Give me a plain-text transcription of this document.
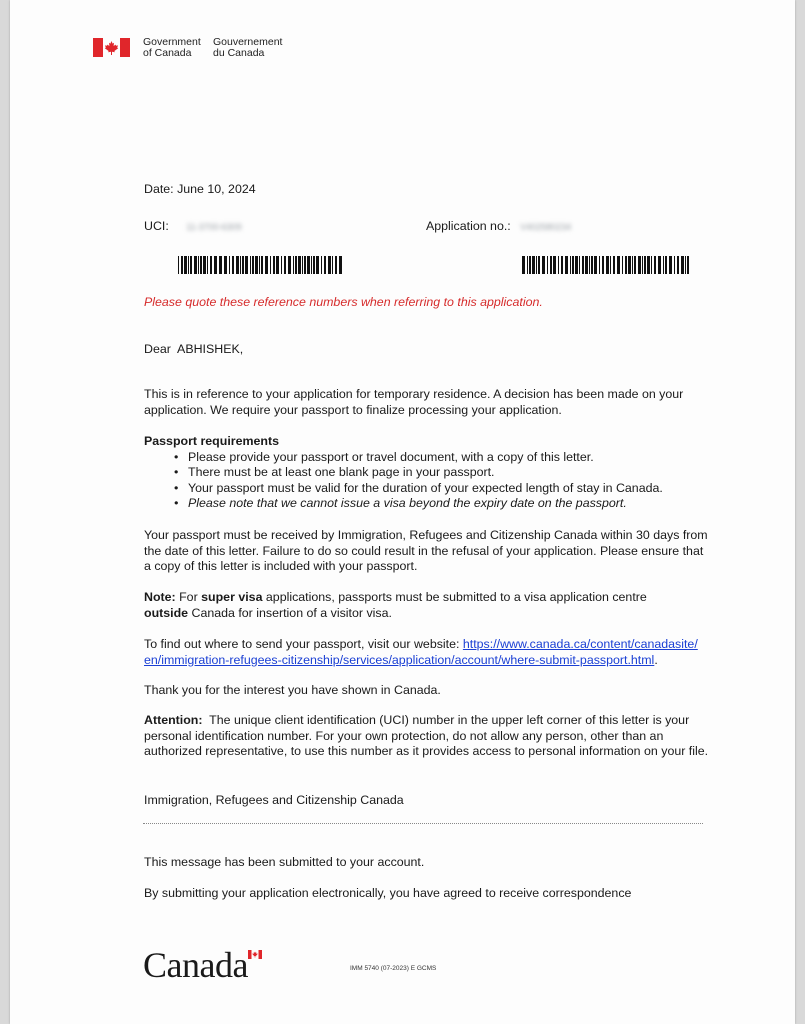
Government
of Canada
Gouvernement
du Canada
Date: June 10, 2024
UCI: 11-3700-6309	Application no.: V402580234
Please quote these reference numbers when referring to this application.
Dear  ABHISHEK,
This is in reference to your application for temporary residence. A decision has been made on your application. We require your passport to finalize processing your application.
Passport requirements
• Please provide your passport or travel document, with a copy of this letter.
• There must be at least one blank page in your passport.
• Your passport must be valid for the duration of your expected length of stay in Canada.
• Please note that we cannot issue a visa beyond the expiry date on the passport.
Your passport must be received by Immigration, Refugees and Citizenship Canada within 30 days from the date of this letter. Failure to do so could result in the refusal of your application. Please ensure that a copy of this letter is included with your passport.
Note: For super visa applications, passports must be submitted to a visa application centre outside Canada for insertion of a visitor visa.
To find out where to send your passport, visit our website: https://www.canada.ca/content/canadasite/en/immigration-refugees-citizenship/services/application/account/where-submit-passport.html.
Thank you for the interest you have shown in Canada.
Attention:  The unique client identification (UCI) number in the upper left corner of this letter is your personal identification number. For your own protection, do not allow any person, other than an authorized representative, to use this number as it provides access to personal information on your file.
Immigration, Refugees and Citizenship Canada
This message has been submitted to your account.
By submitting your application electronically, you have agreed to receive correspondence
Canada	IMM 5740 (07-2023) E GCMS
